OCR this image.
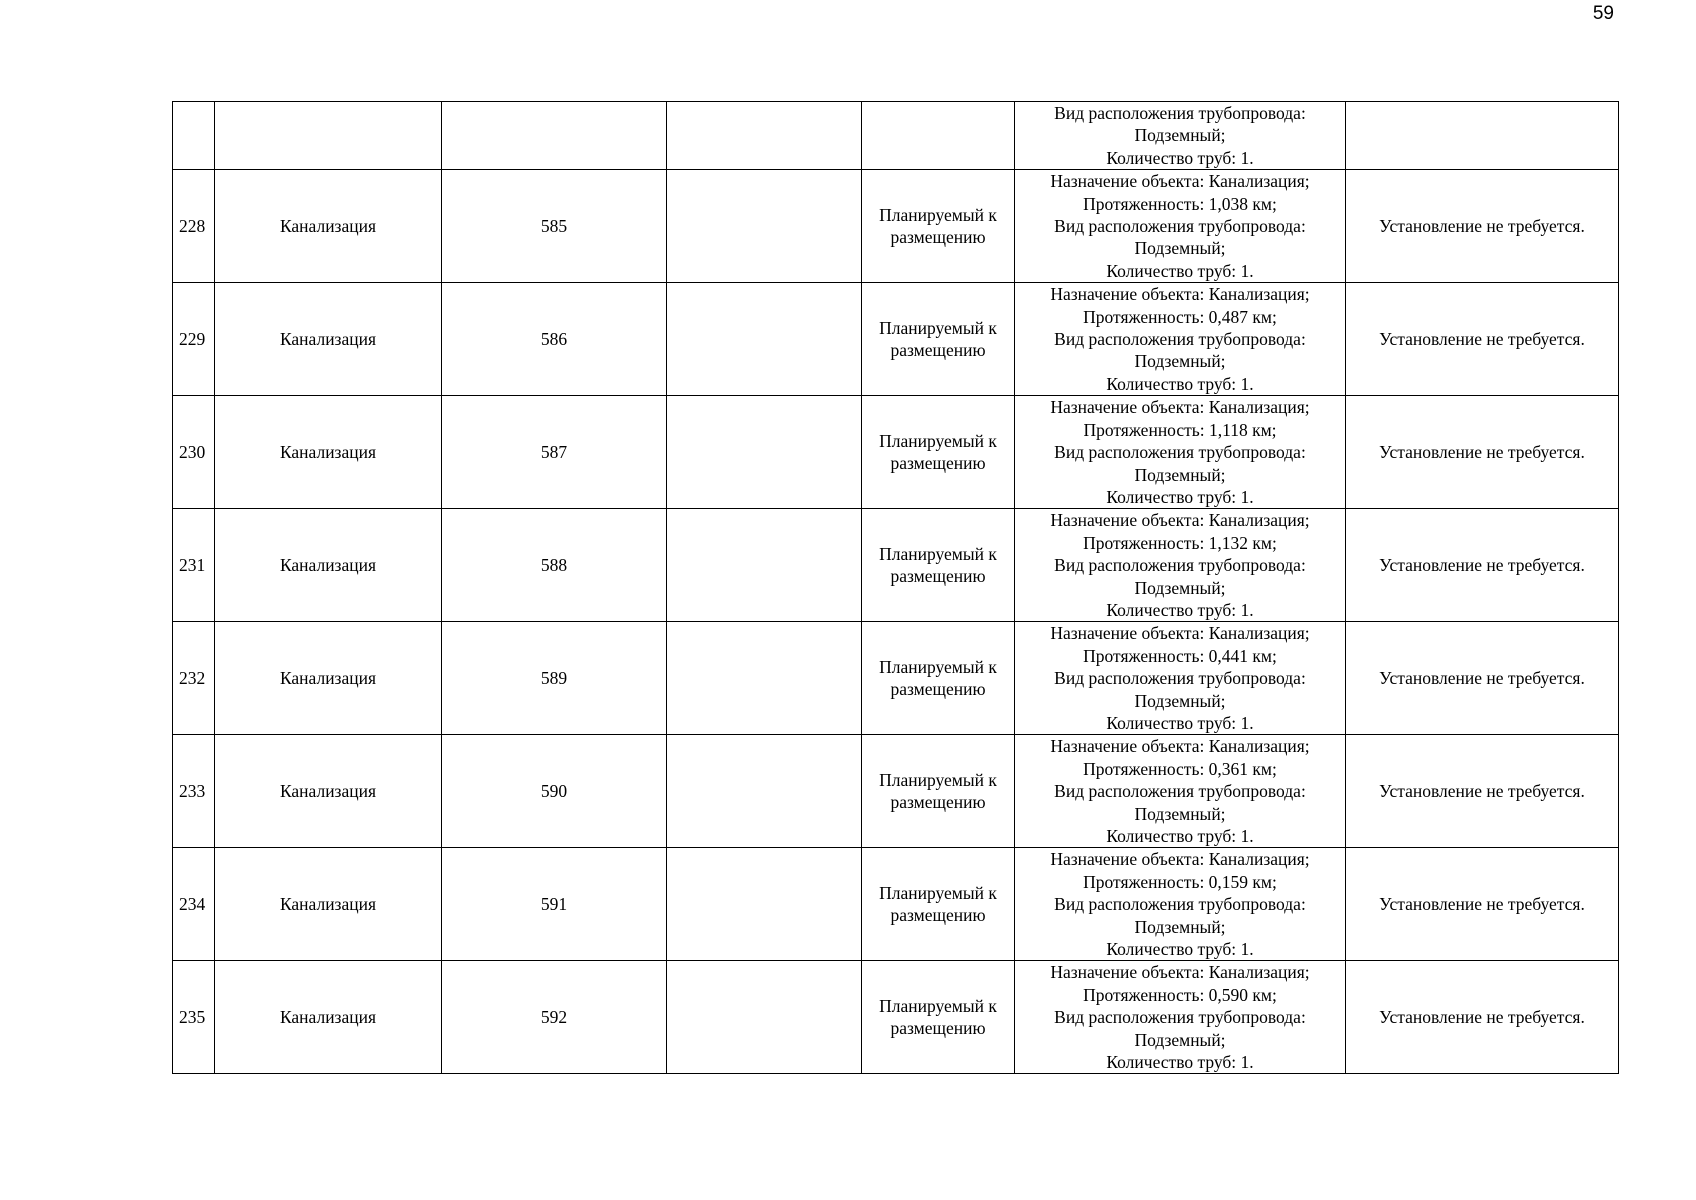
59

					Вид расположения трубопровода:
Подземный;
Количество труб: 1.	

228	Канализация	585		Планируемый к размещению	Назначение объекта: Канализация;
Протяженность: 1,038 км;
Вид расположения трубопровода:
Подземный;
Количество труб: 1.	Установление не требуется.
229	Канализация	586		Планируемый к размещению	Назначение объекта: Канализация;
Протяженность: 0,487 км;
Вид расположения трубопровода:
Подземный;
Количество труб: 1.	Установление не требуется.
230	Канализация	587		Планируемый к размещению	Назначение объекта: Канализация;
Протяженность: 1,118 км;
Вид расположения трубопровода:
Подземный;
Количество труб: 1.	Установление не требуется.
231	Канализация	588		Планируемый к размещению	Назначение объекта: Канализация;
Протяженность: 1,132 км;
Вид расположения трубопровода:
Подземный;
Количество труб: 1.	Установление не требуется.
232	Канализация	589		Планируемый к размещению	Назначение объекта: Канализация;
Протяженность: 0,441 км;
Вид расположения трубопровода:
Подземный;
Количество труб: 1.	Установление не требуется.
233	Канализация	590		Планируемый к размещению	Назначение объекта: Канализация;
Протяженность: 0,361 км;
Вид расположения трубопровода:
Подземный;
Количество труб: 1.	Установление не требуется.
234	Канализация	591		Планируемый к размещению	Назначение объекта: Канализация;
Протяженность: 0,159 км;
Вид расположения трубопровода:
Подземный;
Количество труб: 1.	Установление не требуется.
235	Канализация	592		Планируемый к размещению	Назначение объекта: Канализация;
Протяженность: 0,590 км;
Вид расположения трубопровода:
Подземный;
Количество труб: 1.	Установление не требуется.
